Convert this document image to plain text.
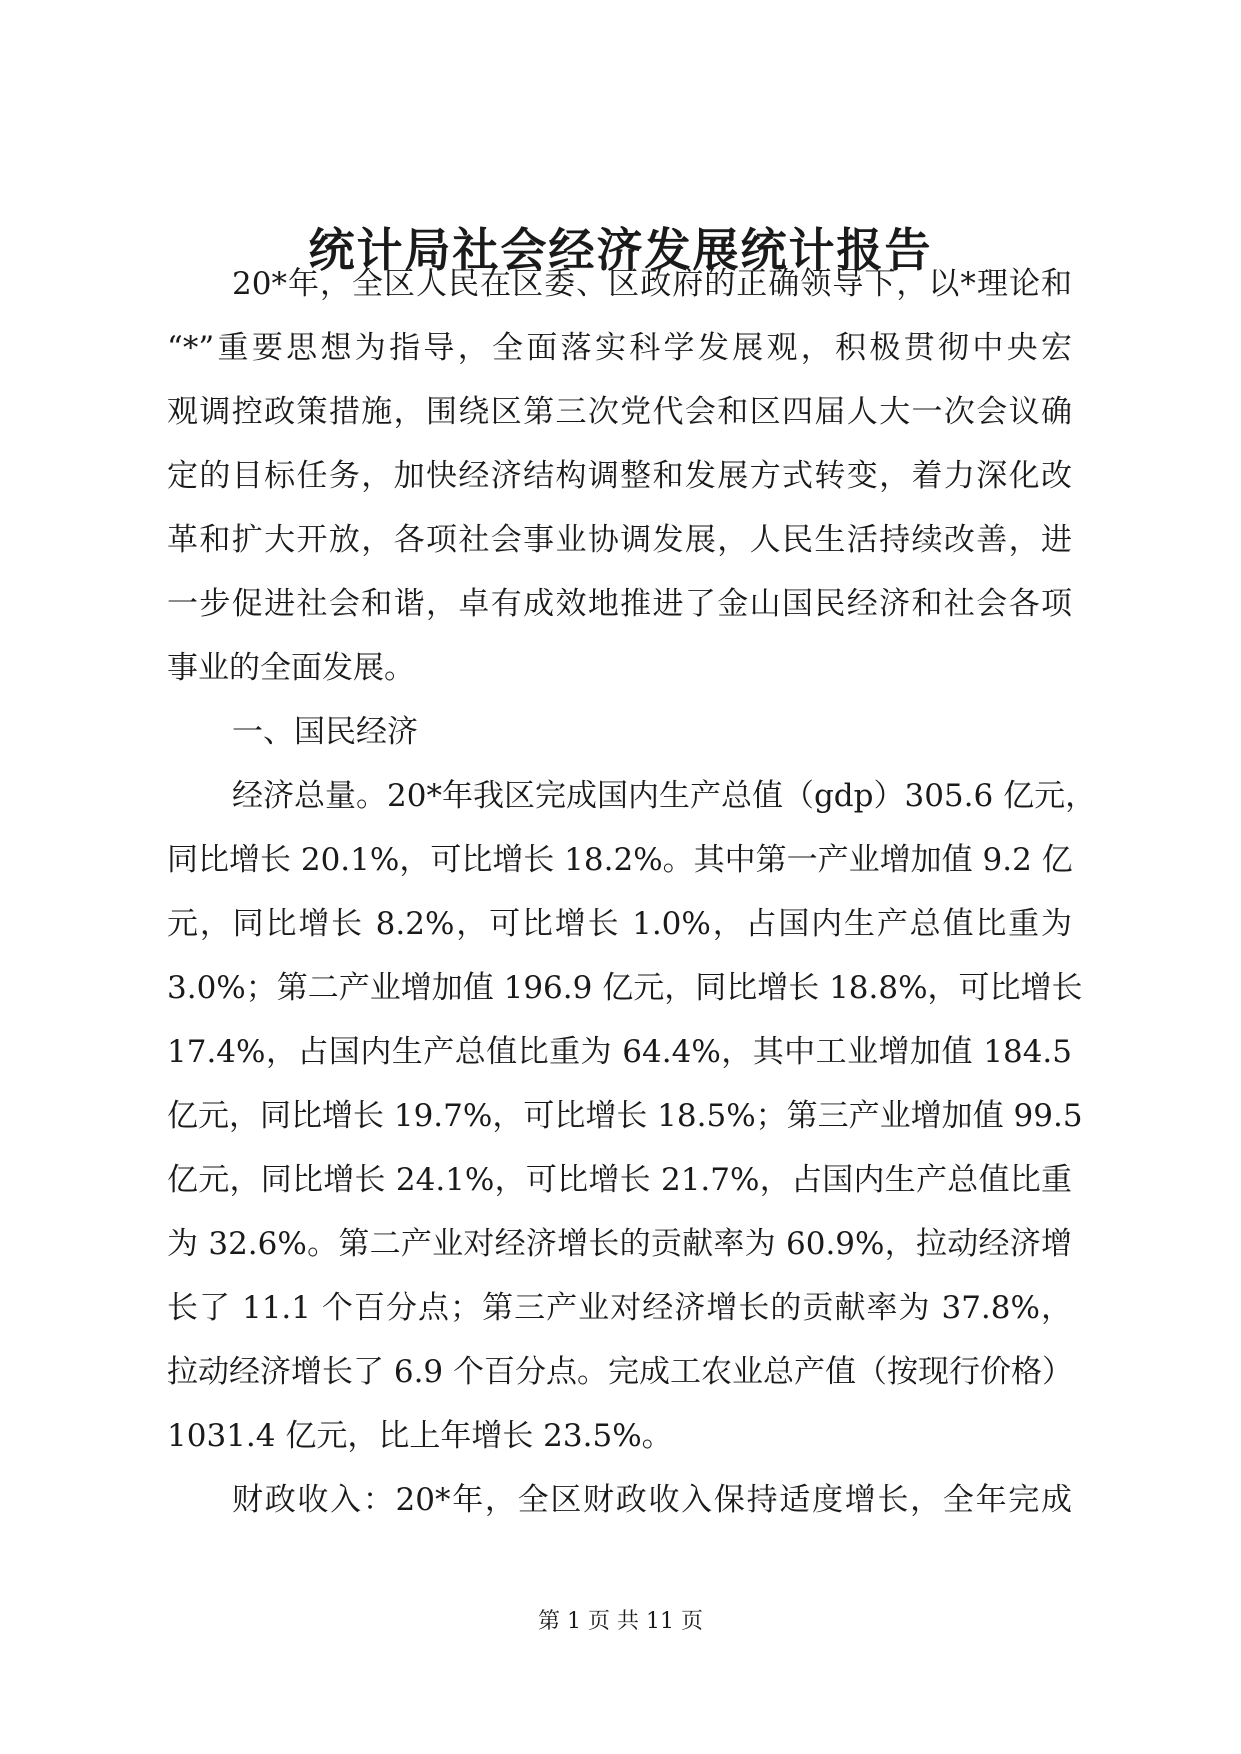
统计局社会经济发展统计报告
20*年，全区人民在区委、区政府的正确领导下，以*理论和
“*”重要思想为指导，全面落实科学发展观，积极贯彻中央宏
观调控政策措施，围绕区第三次党代会和区四届人大一次会议确
定的目标任务，加快经济结构调整和发展方式转变，着力深化改
革和扩大开放，各项社会事业协调发展，人民生活持续改善，进
一步促进社会和谐，卓有成效地推进了金山国民经济和社会各项
事业的全面发展。
一、国民经济
经济总量。20*年我区完成国内生产总值（gdp）305.6 亿元，
同比增长 20.1%，可比增长 18.2%。其中第一产业增加值 9.2 亿
元，同比增长 8.2%，可比增长 1.0%，占国内生产总值比重为
3.0%；第二产业增加值 196.9 亿元，同比增长 18.8%，可比增长
17.4%，占国内生产总值比重为 64.4%，其中工业增加值 184.5
亿元，同比增长 19.7%，可比增长 18.5%；第三产业增加值 99.5
亿元，同比增长 24.1%，可比增长 21.7%，占国内生产总值比重
为 32.6%。第二产业对经济增长的贡献率为 60.9%，拉动经济增
长了 11.1 个百分点；第三产业对经济增长的贡献率为 37.8%，
拉动经济增长了 6.9 个百分点。完成工农业总产值（按现行价格）
1031.4 亿元，比上年增长 23.5%。
财政收入：20*年，全区财政收入保持适度增长，全年完成
第 1 页 共 11 页
